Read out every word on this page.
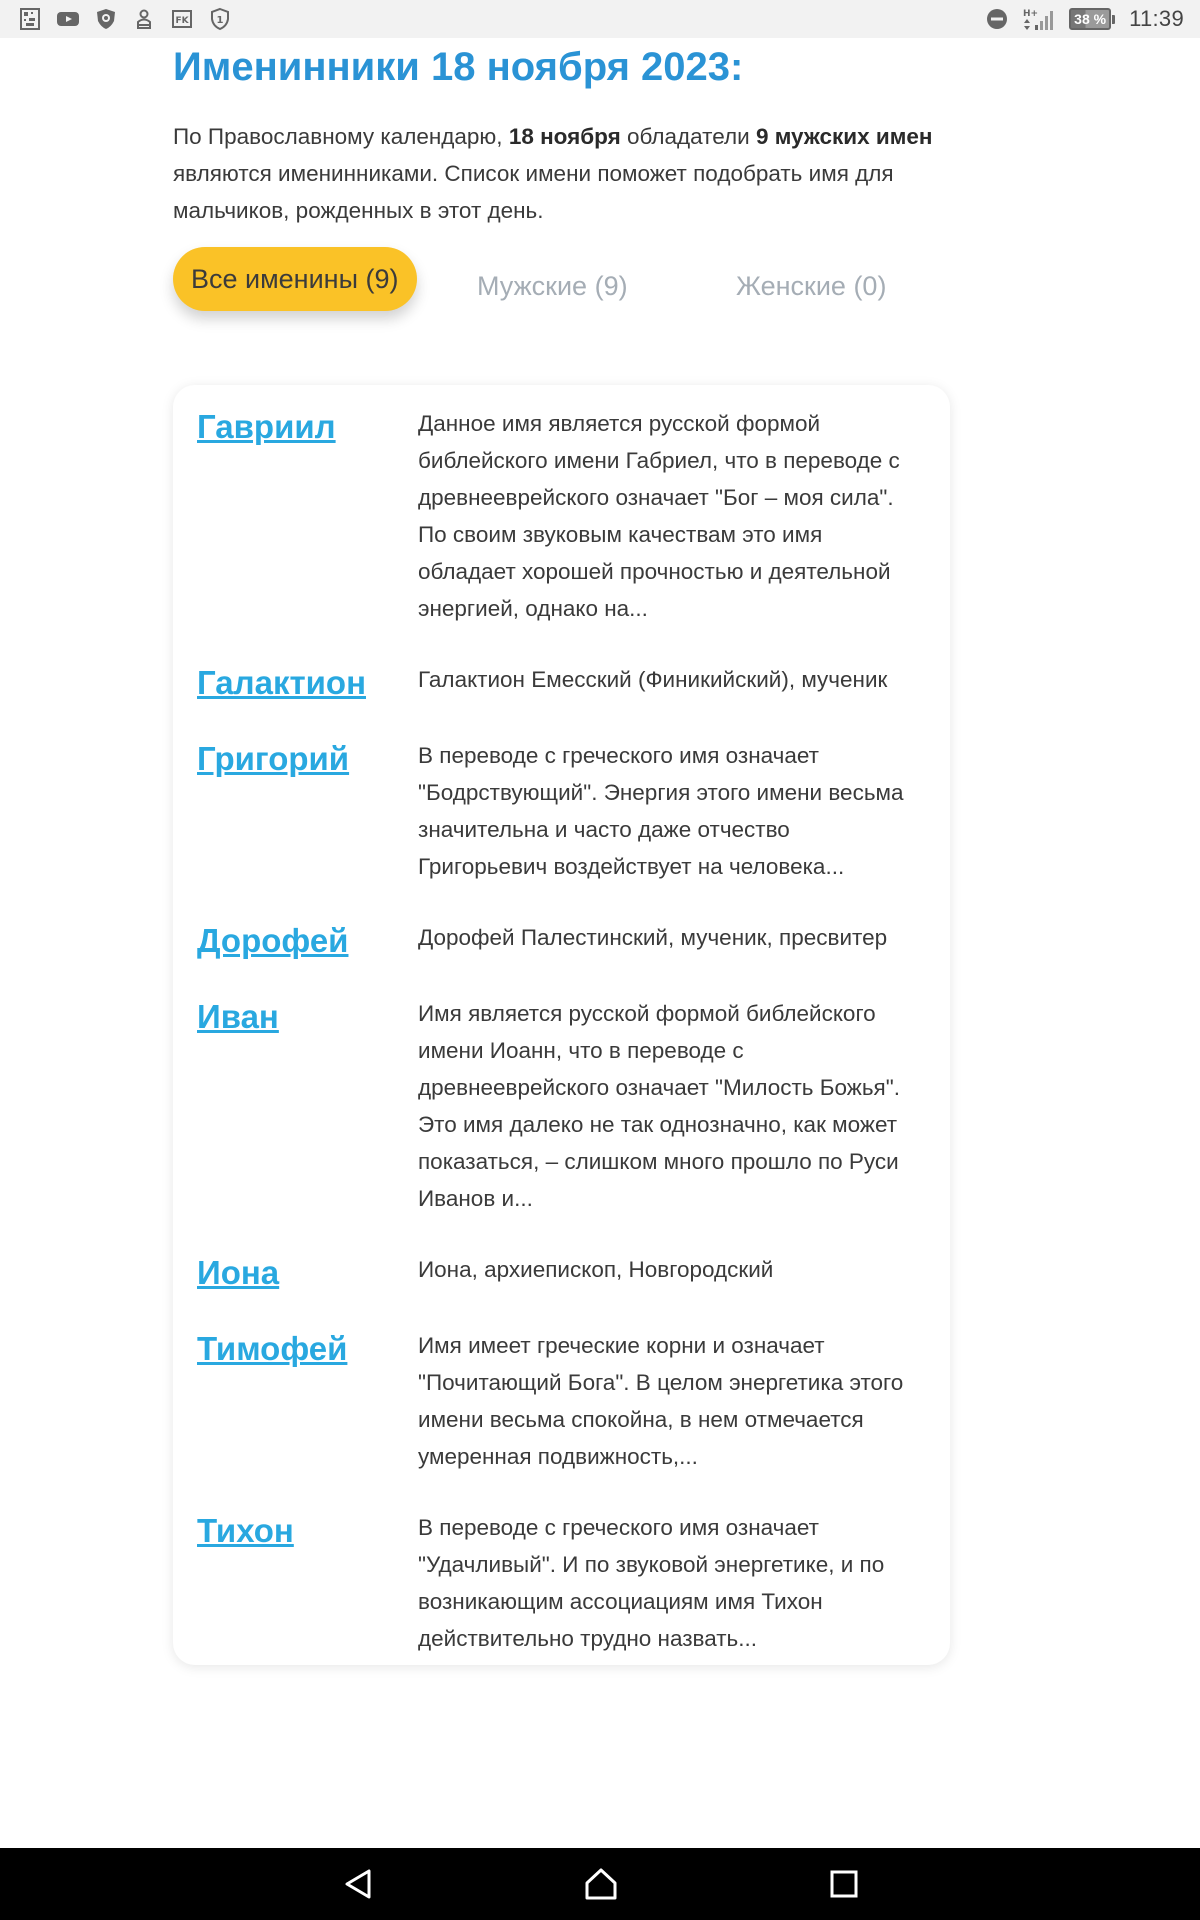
FK	1
H+	38 % 11:39
Именинники 18 ноября 2023:

По Православному календарю, 18 ноября обладатели 9 мужских имен являются именинниками. Список имени поможет подобрать имя для мальчиков, рожденных в этот день.

Все именины (9)	Мужские (9)	Женские (0)
Гавриил	Данное имя является русской формой библейского имени Габриел, что в переводе с древнееврейского означает "Бог – моя сила". По своим звуковым качествам это имя обладает хорошей прочностью и деятельной энергией, однако на...
Галактион	Галактион Емесский (Финикийский), мученик
Григорий	В переводе с греческого имя означает "Бодрствующий". Энергия этого имени весьма значительна и часто даже отчество Григорьевич воздействует на человека...
Дорофей	Дорофей Палестинский, мученик, пресвитер
Иван	Имя является русской формой библейского имени Иоанн, что в переводе с древнееврейского означает "Милость Божья". Это имя далеко не так однозначно, как может показаться, – слишком много прошло по Руси Иванов и...
Иона	Иона, архиепископ, Новгородский
Тимофей	Имя имеет греческие корни и означает "Почитающий Бога". В целом энергетика этого имени весьма спокойна, в нем отмечается умеренная подвижность,...
Тихон	В переводе с греческого имя означает "Удачливый". И по звуковой энергетике, и по возникающим ассоциациям имя Тихон действительно трудно назвать...
